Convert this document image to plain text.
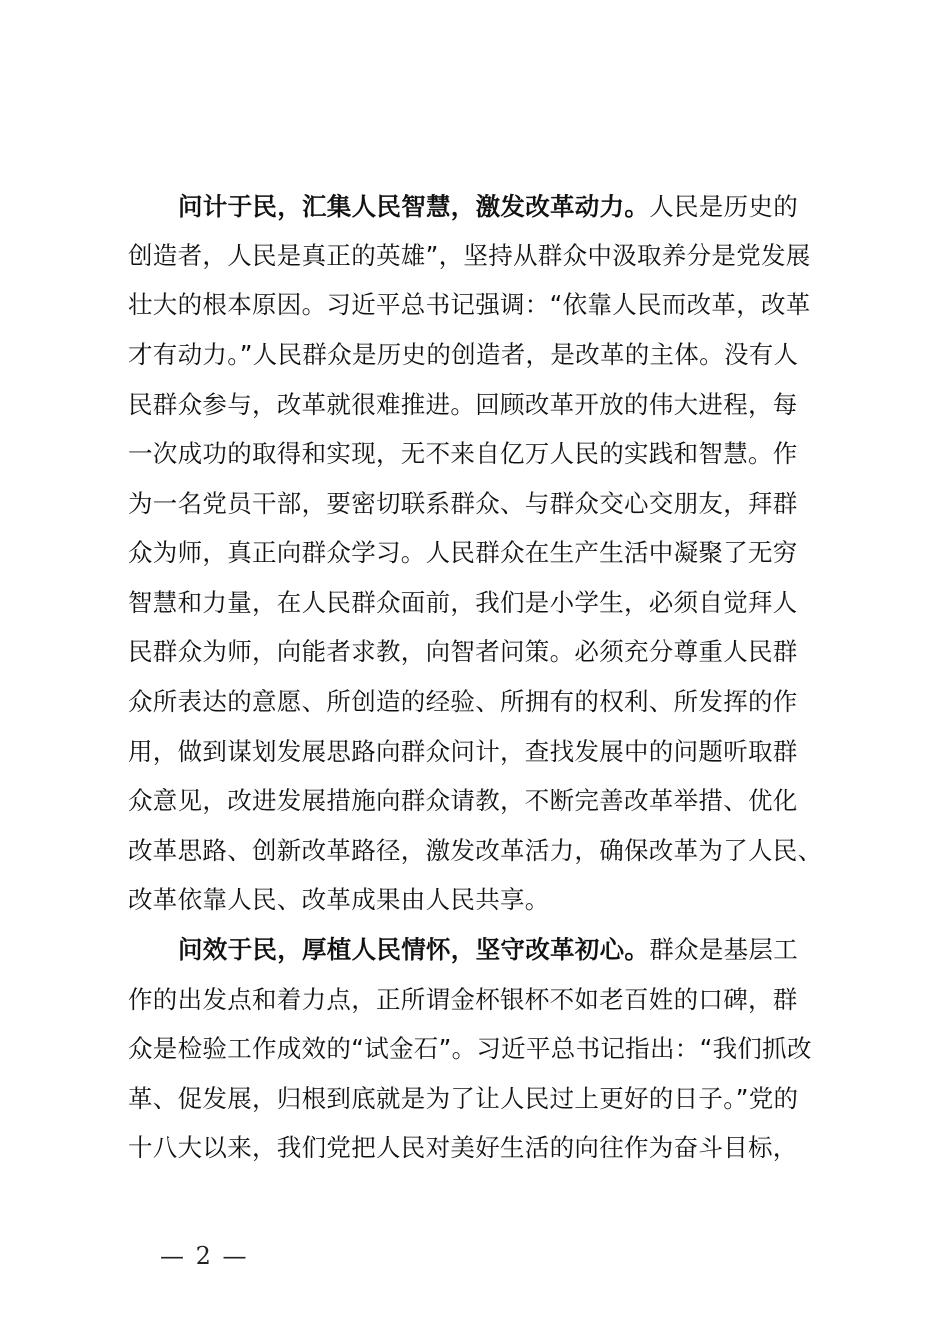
问计于民，汇集人民智慧，激发改革动力。人民是历史的
创造者，人民是真正的英雄”，坚持从群众中汲取养分是党发展
壮大的根本原因。习近平总书记强调：“依靠人民而改革，改革
才有动力。”人民群众是历史的创造者，是改革的主体。没有人
民群众参与，改革就很难推进。回顾改革开放的伟大进程，每
一次成功的取得和实现，无不来自亿万人民的实践和智慧。作
为一名党员干部，要密切联系群众、与群众交心交朋友，拜群
众为师，真正向群众学习。人民群众在生产生活中凝聚了无穷
智慧和力量，在人民群众面前，我们是小学生，必须自觉拜人
民群众为师，向能者求教，向智者问策。必须充分尊重人民群
众所表达的意愿、所创造的经验、所拥有的权利、所发挥的作
用，做到谋划发展思路向群众问计，查找发展中的问题听取群
众意见，改进发展措施向群众请教，不断完善改革举措、优化
改革思路、创新改革路径，激发改革活力，确保改革为了人民、
改革依靠人民、改革成果由人民共享。
问效于民，厚植人民情怀，坚守改革初心。群众是基层工
作的出发点和着力点，正所谓金杯银杯不如老百姓的口碑，群
众是检验工作成效的“试金石”。习近平总书记指出：“我们抓改
革、促发展，归根到底就是为了让人民过上更好的日子。”党的
十八大以来，我们党把人民对美好生活的向往作为奋斗目标，
— 2 —
